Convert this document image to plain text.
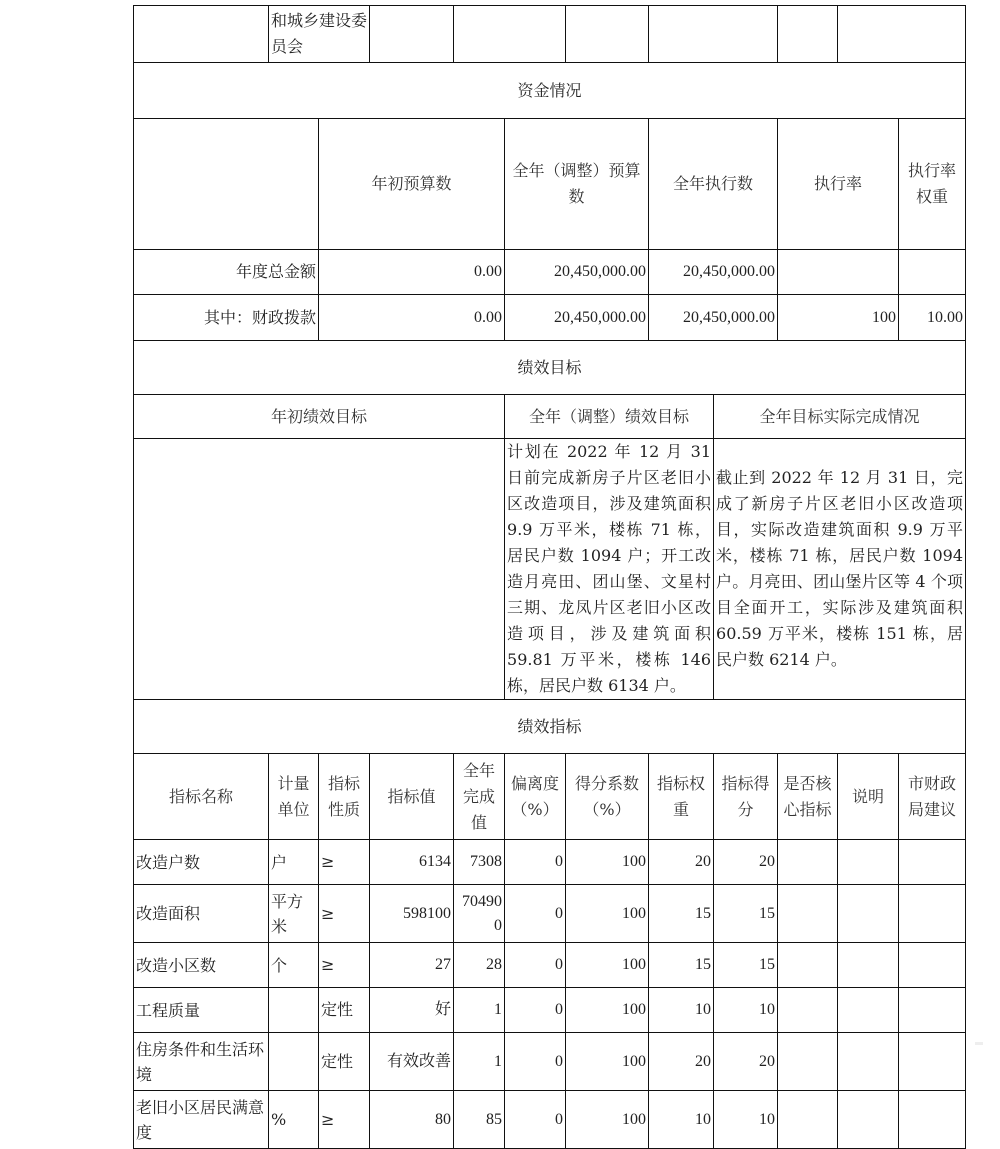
	和城乡建设委员会											
资金情况												
		年初预算数			全年（调整）预算数		全年执行数		执行率		执行率权重	
年度总金额		0.00			20,450,000.00		20,450,000.00					
其中：财政拨款		0.00			20,450,000.00		20,450,000.00		100		10.00	
绩效目标												
年初绩效目标					全年（调整）绩效目标			全年目标实际完成情况				
					计划在 2022 年 12 月 31 日前完成新房子片区老旧小区改造项目，涉及建筑面积 9.9 万平米，楼栋 71 栋，居民户数 1094 户；开工改造月亮田、团山堡、文星村三期、龙凤片区老旧小区改造项目，涉及建筑面积 59.81 万平米，楼栋 146 栋，居民户数 6134 户。			截止到 2022 年 12 月 31 日，完成了新房子片区老旧小区改造项目，实际改造建筑面积 9.9 万平米，楼栋 71 栋，居民户数 1094 户。月亮田、团山堡片区等 4 个项目全面开工，实际涉及建筑面积 60.59 万平米，楼栋 151 栋，居民户数 6214 户。				
绩效指标												
指标名称	计量单位	指标性质	指标值	全年完成值	偏离度（%）	得分系数（%）	指标权重	指标得分	是否核心指标	说明	市财政局建议	
改造户数	户	≥	6134	7308	0	100	20	20				
改造面积	平方米	≥	598100	704900	0	100	15	15				
改造小区数	个	≥	27	28	0	100	15	15				
工程质量		定性	好	1	0	100	10	10				
住房条件和生活环境		定性	有效改善	1	0	100	20	20				
老旧小区居民满意度	%	≥	80	85	0	100	10	10				
